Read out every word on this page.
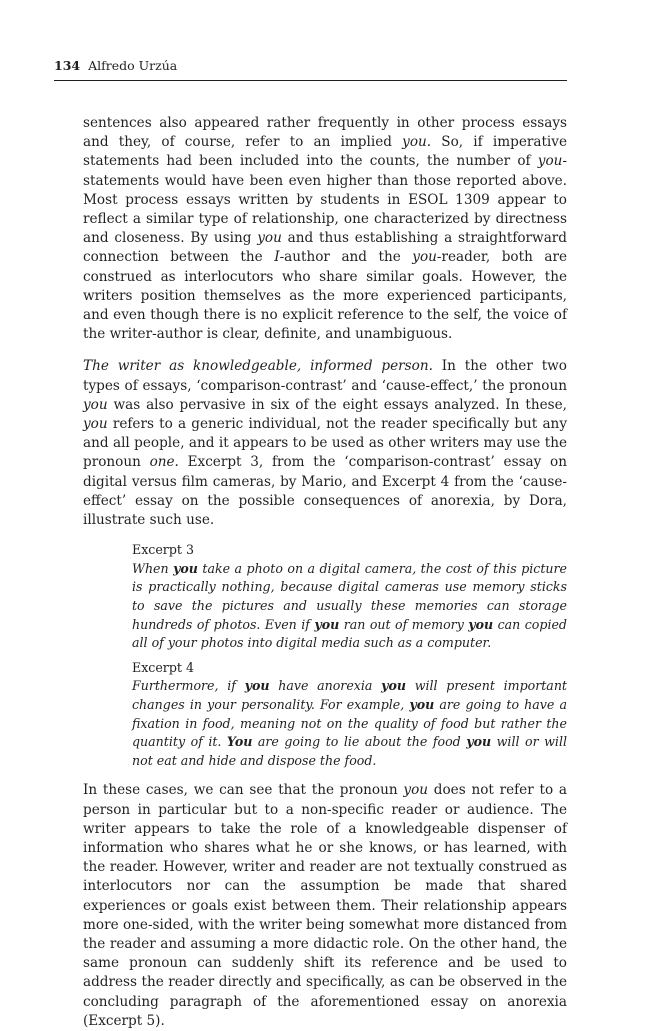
134 Alfredo Urzúa

sentences also appeared rather frequently in other process essays and they, of course, refer to an implied you. So, if imperative statements had been included into the counts, the number of you-statements would have been even higher than those reported above. Most process essays written by students in ESOL 1309 appear to reflect a similar type of relationship, one characterized by directness and closeness. By using you and thus establishing a straightforward connection between the I-author and the you-reader, both are construed as interlocutors who share similar goals. However, the writers position themselves as the more experienced participants, and even though there is no explicit reference to the self, the voice of the writer-author is clear, definite, and unambiguous.

The writer as knowledgeable, informed person. In the other two types of essays, ‘comparison-contrast’ and ‘cause-effect,’ the pronoun you was also pervasive in six of the eight essays analyzed. In these, you refers to a generic individual, not the reader specifically but any and all people, and it appears to be used as other writers may use the pronoun one. Excerpt 3, from the ‘comparison-contrast’ essay on digital versus film cameras, by Mario, and Excerpt 4 from the ‘cause-effect’ essay on the possible consequences of anorexia, by Dora, illustrate such use.

Excerpt 3
When you take a photo on a digital camera, the cost of this picture is practically nothing, because digital cameras use memory sticks to save the pictures and usually these memories can storage hundreds of photos. Even if you ran out of memory you can copied all of your photos into digital media such as a computer.

Excerpt 4
Furthermore, if you have anorexia you will present important changes in your personality. For example, you are going to have a fixation in food, meaning not on the quality of food but rather the quantity of it. You are going to lie about the food you will or will not eat and hide and dispose the food.

In these cases, we can see that the pronoun you does not refer to a person in particular but to a non-specific reader or audience. The writer appears to take the role of a knowledgeable dispenser of information who shares what he or she knows, or has learned, with the reader. However, writer and reader are not textually construed as interlocutors nor can the assumption be made that shared experiences or goals exist between them. Their relationship appears more one-sided, with the writer being somewhat more distanced from the reader and assuming a more didactic role. On the other hand, the same pronoun can suddenly shift its reference and be used to address the reader directly and specifically, as can be observed in the concluding paragraph of the aforementioned essay on anorexia (Excerpt 5).
